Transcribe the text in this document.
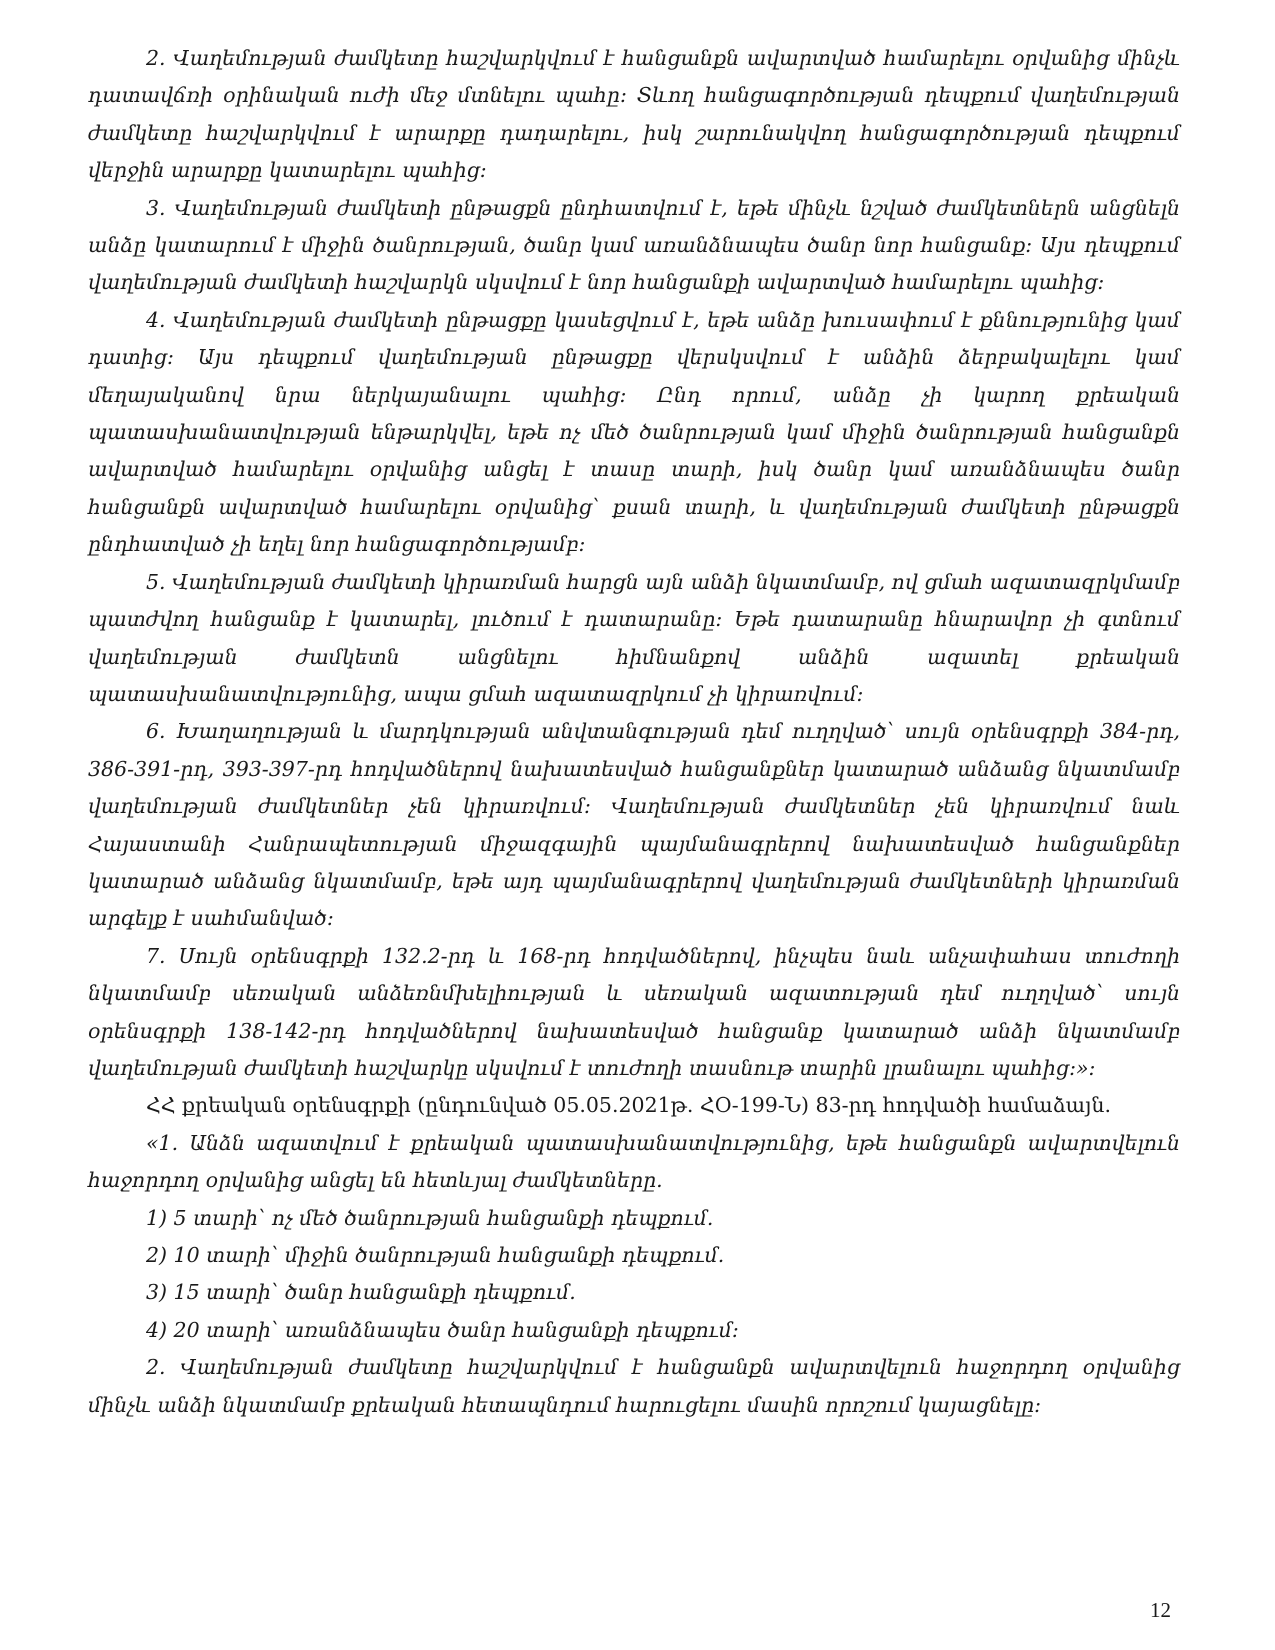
2. Վաղեմության ժամկետը հաշվարկվում է հանցանքն ավարտված համարելու օրվանից մինչև դատավճռի օրինական ուժի մեջ մտնելու պահը: Տևող հանցագործության դեպքում վաղեմության ժամկետը հաշվարկվում է արարքը դադարելու, իսկ շարունակվող հանցագործության դեպքում վերջին արարքը կատարելու պահից:

3. Վաղեմության ժամկետի ընթացքն ընդհատվում է, եթե մինչև նշված ժամկետներն անցնելն անձը կատարում է միջին ծանրության, ծանր կամ առանձնապես ծանր նոր հանցանք: Այս դեպքում վաղեմության ժամկետի հաշվարկն սկսվում է նոր հանցանքի ավարտված համարելու պահից:

4. Վաղեմության ժամկետի ընթացքը կասեցվում է, եթե անձը խուսափում է քննությունից կամ դատից: Այս դեպքում վաղեմության ընթացքը վերսկսվում է անձին ձերբակալելու կամ մեղայականով նրա ներկայանալու պահից: Ընդ որում, անձը չի կարող քրեական պատասխանատվության ենթարկվել, եթե ոչ մեծ ծանրության կամ միջին ծանրության հանցանքն ավարտված համարելու օրվանից անցել է տասը տարի, իսկ ծանր կամ առանձնապես ծանր հանցանքն ավարտված համարելու օրվանից՝ քսան տարի, և վաղեմության ժամկետի ընթացքն ընդհատված չի եղել նոր հանցագործությամբ:

5. Վաղեմության ժամկետի կիրառման հարցն այն անձի նկատմամբ, ով ցմահ ազատազրկմամբ պատժվող հանցանք է կատարել, լուծում է դատարանը: Եթե դատարանը հնարավոր չի գտնում վաղեմության ժամկետն անցնելու հիմնանքով անձին ազատել քրեական պատասխանատվությունից, ապա ցմահ ազատազրկում չի կիրառվում:

6. Խաղաղության և մարդկության անվտանգության դեմ ուղղված՝ սույն օրենսգրքի 384-րդ, 386-391-րդ, 393-397-րդ հոդվածներով նախատեսված հանցանքներ կատարած անձանց նկատմամբ վաղեմության ժամկետներ չեն կիրառվում: Վաղեմության ժամկետներ չեն կիրառվում նաև Հայաստանի Հանրապետության միջազգային պայմանագրերով նախատեսված հանցանքներ կատարած անձանց նկատմամբ, եթե այդ պայմանագրերով վաղեմության ժամկետների կիրառման արգելք է սահմանված:

7. Սույն օրենսգրքի 132.2-րդ և 168-րդ հոդվածներով, ինչպես նաև անչափահաս տուժողի նկատմամբ սեռական անձեռնմխելիության և սեռական ազատության դեմ ուղղված՝ սույն օրենսգրքի 138-142-րդ հոդվածներով նախատեսված հանցանք կատարած անձի նկատմամբ վաղեմության ժամկետի հաշվարկը սկսվում է տուժողի տասնութ տարին լրանալու պահից:»:

ՀՀ քրեական օրենսգրքի (ընդունված 05.05.2021թ. ՀՕ-199-Ն) 83-րդ հոդվածի համաձայն.

«1. Անձն ազատվում է քրեական պատասխանատվությունից, եթե հանցանքն ավարտվելուն հաջորդող օրվանից անցել են հետևյալ ժամկետները.

1) 5 տարի՝ ոչ մեծ ծանրության հանցանքի դեպքում.

2) 10 տարի՝ միջին ծանրության հանցանքի դեպքում.

3) 15 տարի՝ ծանր հանցանքի դեպքում.

4) 20 տարի՝ առանձնապես ծանր հանցանքի դեպքում:

2. Վաղեմության ժամկետը հաշվարկվում է հանցանքն ավարտվելուն հաջորդող օրվանից մինչև անձի նկատմամբ քրեական հետապնդում հարուցելու մասին որոշում կայացնելը:

12
